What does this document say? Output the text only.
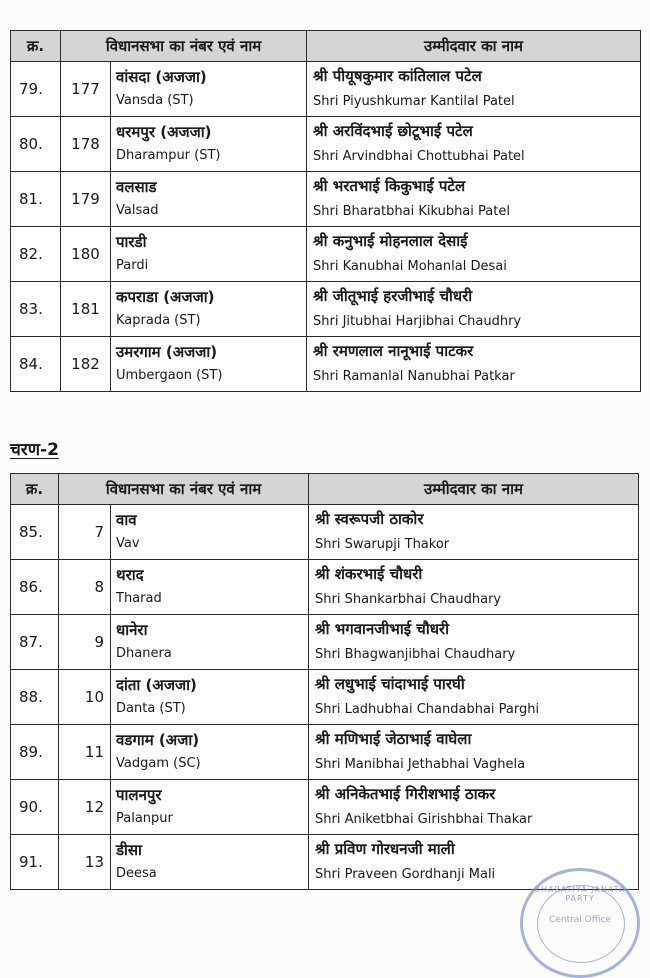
क्र.	विधानसभा का नंबर एवं नाम		उम्मीदवार का नाम
79.	177	वांसदा (अजजा)
Vansda (ST)	श्री पीयूषकुमार कांतिलाल पटेल
Shri Piyushkumar Kantilal Patel

80.	178	धरमपुर (अजजा)
Dharampur (ST)	श्री अरविंदभाई छोटूभाई पटेल
Shri Arvindbhai Chottubhai Patel

81.	179	वलसाड
Valsad	श्री भरतभाई किकुभाई पटेल
Shri Bharatbhai Kikubhai Patel

82.	180	पारडी
Pardi	श्री कनुभाई मोहनलाल देसाई
Shri Kanubhai Mohanlal Desai

83.	181	कपराडा (अजजा)
Kaprada (ST)	श्री जीतूभाई हरजीभाई चौधरी
Shri Jitubhai Harjibhai Chaudhry

84.	182	उमरगाम (अजजा)
Umbergaon (ST)	श्री रमणलाल नानूभाई पाटकर
Shri Ramanlal Nanubhai Patkar
चरण-2
क्र.	विधानसभा का नंबर एवं नाम		उम्मीदवार का नाम
85.	7	वाव
Vav	श्री स्वरूपजी ठाकोर
Shri Swarupji Thakor

86.	8	थराद
Tharad	श्री शंकरभाई चौधरी
Shri Shankarbhai Chaudhary

87.	9	धानेरा
Dhanera	श्री भगवानजीभाई चौधरी
Shri Bhagwanjibhai Chaudhary

88.	10	दांता (अजजा)
Danta (ST)	श्री लधुभाई चांदाभाई पारघी
Shri Ladhubhai Chandabhai Parghi

89.	11	वडगाम (अजा)
Vadgam (SC)	श्री मणिभाई जेठाभाई वाघेला
Shri Manibhai Jethabhai Vaghela

90.	12	पालनपुर
Palanpur	श्री अनिकेतभाई गिरीशभाई ठाकर
Shri Aniketbhai Girishbhai Thakar

91.	13	डीसा
Deesa	श्री प्रविण गोरधनजी माली
Shri Praveen Gordhanji Mali
BHARATIYA JANATA PARTY
Central Office
